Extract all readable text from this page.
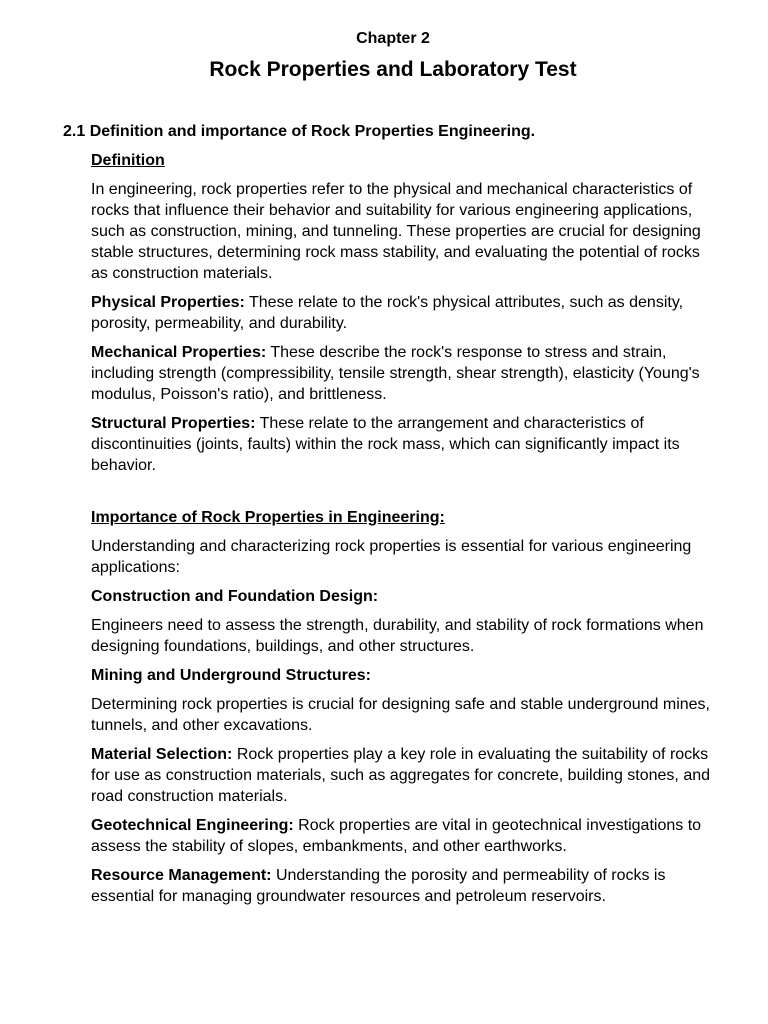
Chapter 2
Rock Properties and Laboratory Test
2.1 Definition and importance of Rock Properties Engineering.

Definition

In engineering, rock properties refer to the physical and mechanical characteristics of rocks that influence their behavior and suitability for various engineering applications, such as construction, mining, and tunneling. These properties are crucial for designing stable structures, determining rock mass stability, and evaluating the potential of rocks as construction materials.

Physical Properties: These relate to the rock's physical attributes, such as density, porosity, permeability, and durability.

Mechanical Properties: These describe the rock's response to stress and strain, including strength (compressibility, tensile strength, shear strength), elasticity (Young's modulus, Poisson's ratio), and brittleness.

Structural Properties: These relate to the arrangement and characteristics of discontinuities (joints, faults) within the rock mass, which can significantly impact its behavior.

Importance of Rock Properties in Engineering:

Understanding and characterizing rock properties is essential for various engineering applications:

Construction and Foundation Design:

Engineers need to assess the strength, durability, and stability of rock formations when designing foundations, buildings, and other structures.

Mining and Underground Structures:

Determining rock properties is crucial for designing safe and stable underground mines, tunnels, and other excavations.

Material Selection: Rock properties play a key role in evaluating the suitability of rocks for use as construction materials, such as aggregates for concrete, building stones, and road construction materials.

Geotechnical Engineering: Rock properties are vital in geotechnical investigations to assess the stability of slopes, embankments, and other earthworks.

Resource Management: Understanding the porosity and permeability of rocks is essential for managing groundwater resources and petroleum reservoirs.
